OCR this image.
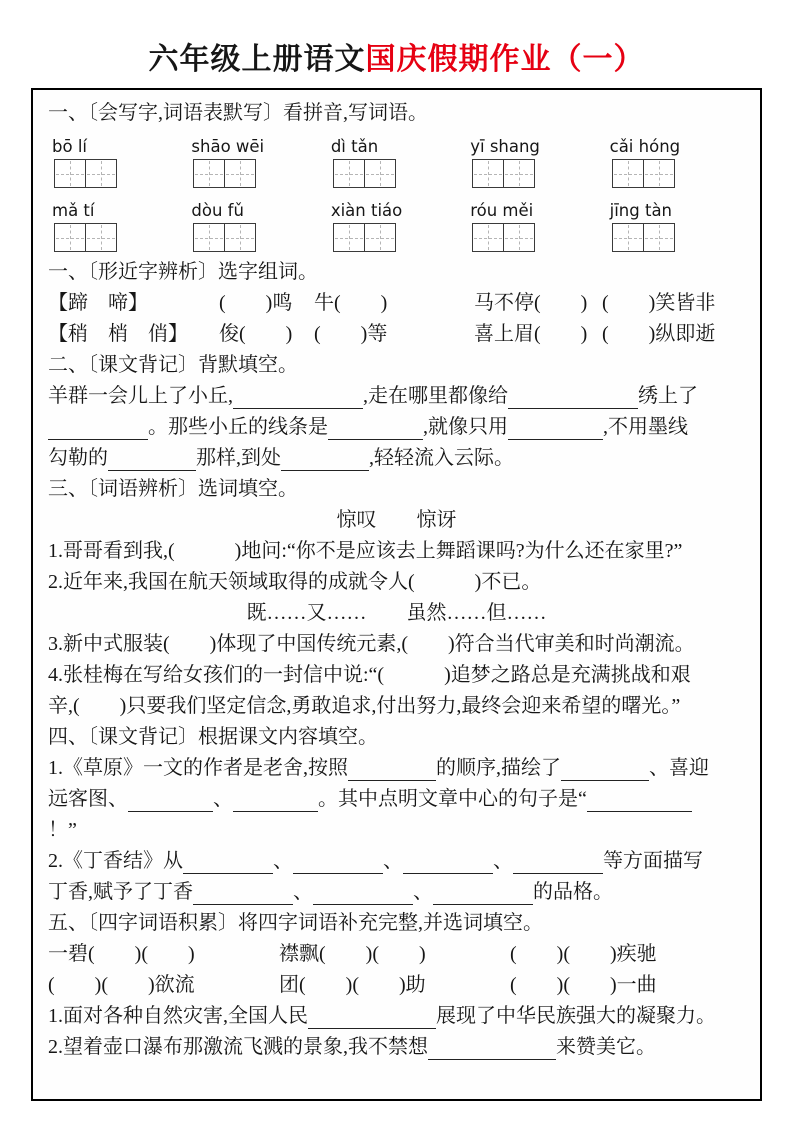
六年级上册语文国庆假期作业（一）
一、〔会写字,词语表默写〕看拼音,写词语。
bō lí	shāo wēi	dì tǎn	yī shang	cǎi hóng
mǎ tí	dòu fǔ	xiàn tiáo	róu měi	jīng tàn
一、〔形近字辨析〕选字组词。
【蹄　啼】	(　　)鸣 牛(　　)	马不停(　　) (　　)笑皆非
【稍　梢　俏】 俊(　　) (　　)等	喜上眉(　　) (　　)纵即逝
二、〔课文背记〕背默填空。
羊群一会儿上了小丘,	,走在哪里都像给	绣上了
。那些小丘的线条是	,就像只用	,不用墨线
勾勒的	那样,到处	,轻轻流入云际。
三、〔词语辨析〕选词填空。
惊叹　　惊讶
1.哥哥看到我,(　　　)地问:“你不是应该去上舞蹈课吗?为什么还在家里?”
2.近年来,我国在航天领域取得的成就令人(　　　)不已。
既……又……　　虽然……但……
3.新中式服装(　　)体现了中国传统元素,(　　)符合当代审美和时尚潮流。
4.张桂梅在写给女孩们的一封信中说:“(　　　)追梦之路总是充满挑战和艰
辛,(　　)只要我们坚定信念,勇敢追求,付出努力,最终会迎来希望的曙光。”
四、〔课文背记〕根据课文内容填空。
1.《草原》一文的作者是老舍,按照	的顺序,描绘了	、喜迎
远客图、	、	。其中点明文章中心的句子是“
！”
2.《丁香结》从	、	、	、	等方面描写
丁香,赋予了丁香	、	、	的品格。
五、〔四字词语积累〕将四字词语补充完整,并选词填空。
一碧(　　)(　　)	襟飘(　　)(　　)	(　　)(　　)疾驰
(　　)(　　)欲流	团(　　)(　　)助	(　　)(　　)一曲
1.面对各种自然灾害,全国人民	展现了中华民族强大的凝聚力。
2.望着壶口瀑布那激流飞溅的景象,我不禁想	来赞美它。
